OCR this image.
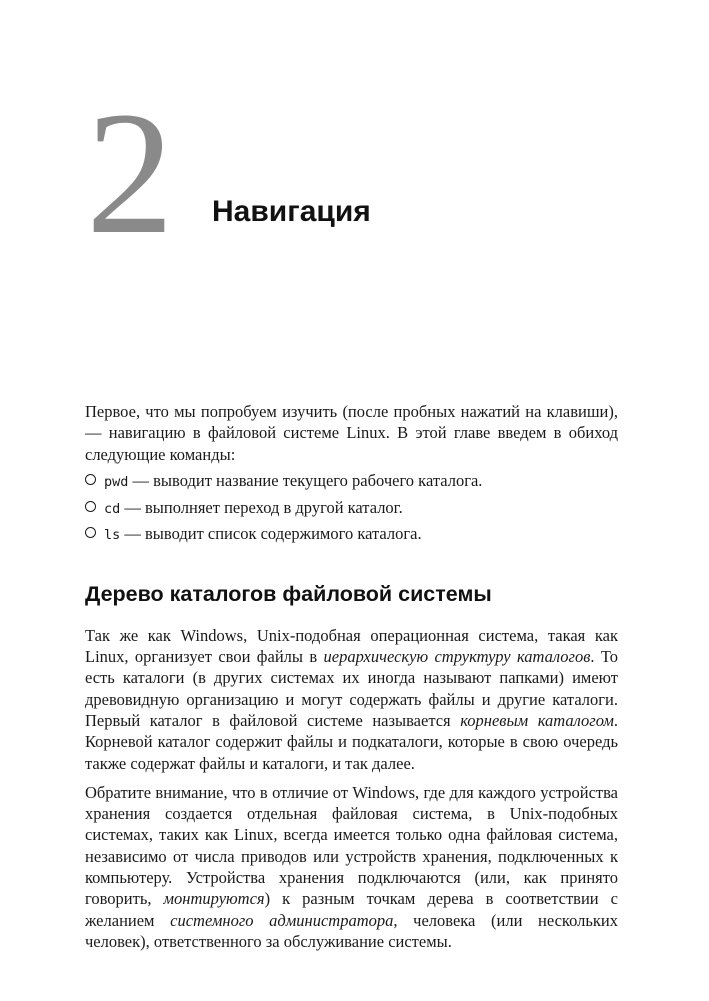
2 Навигация

Первое, что мы попробуем изучить (после пробных нажатий на клавиши), — навигацию в файловой системе Linux. В этой главе введем в обиход следующие команды:

pwd — выводит название текущего рабочего каталога.
cd — выполняет переход в другой каталог.
ls — выводит список содержимого каталога.
Дерево каталогов файловой системы

Так же как Windows, Unix-подобная операционная система, такая как Linux, организует свои файлы в иерархическую структуру каталогов. То есть каталоги (в других системах их иногда называют папками) имеют древовидную организацию и могут содержать файлы и другие каталоги. Первый каталог в файловой системе называется корневым каталогом. Корневой каталог содержит файлы и подкаталоги, которые в свою очередь также содержат файлы и каталоги, и так далее.

Обратите внимание, что в отличие от Windows, где для каждого устройства хранения создается отдельная файловая система, в Unix-подобных системах, таких как Linux, всегда имеется только одна файловая система, независимо от числа приводов или устройств хранения, подключенных к компьютеру. Устройства хранения подключаются (или, как принято говорить, монтируются) к разным точкам дерева в соответствии с желанием системного администратора, человека (или нескольких человек), ответственного за обслуживание системы.
